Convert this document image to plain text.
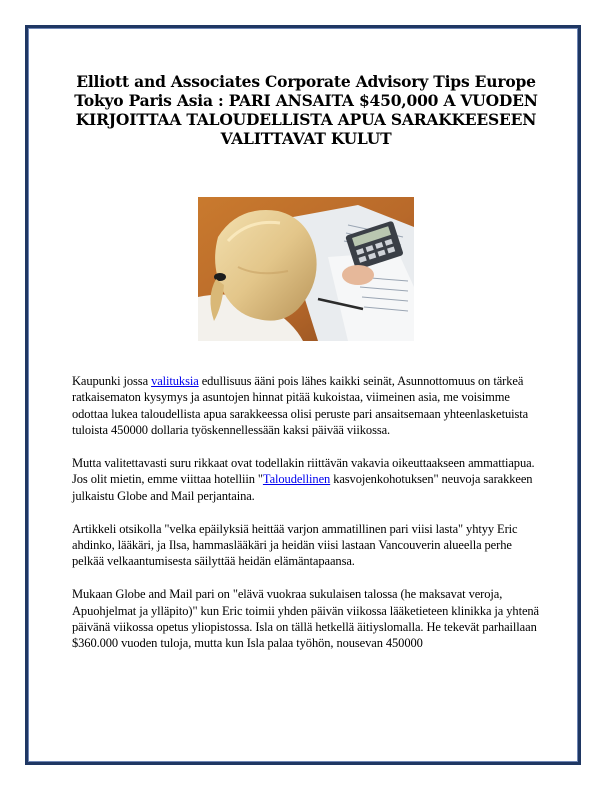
Elliott and Associates Corporate Advisory Tips Europe Tokyo Paris Asia : PARI ANSAITA $450,000 A VUODEN KIRJOITTAA TALOUDELLISTA APUA SARAKKEESEEN VALITTAVAT KULUT

Kaupunki jossa valituksia edullisuus ääni pois lähes kaikki seinät, Asunnottomuus on tärkeä ratkaisematon kysymys ja asuntojen hinnat pitää kukoistaa, viimeinen asia, me voisimme odottaa lukea taloudellista apua sarakkeessa olisi peruste pari ansaitsemaan yhteenlasketuista tuloista 450000 dollaria työskennellessään kaksi päivää viikossa.

Mutta valitettavasti suru rikkaat ovat todellakin riittävän vakavia oikeuttaakseen ammattiapua. Jos olit mietin, emme viittaa hotelliin "Taloudellinen kasvojenkohotuksen" neuvoja sarakkeen julkaistu Globe and Mail perjantaina.

Artikkeli otsikolla "velka epäilyksiä heittää varjon ammatillinen pari viisi lasta" yhtyy Eric ahdinko, lääkäri, ja Ilsa, hammaslääkäri ja heidän viisi lastaan Vancouverin alueella perhe pelkää velkaantumisesta säilyttää heidän elämäntapaansa.

Mukaan Globe and Mail pari on "elävä vuokraa sukulaisen talossa (he maksavat veroja, Apuohjelmat ja ylläpito)" kun Eric toimii yhden päivän viikossa lääketieteen klinikka ja yhtenä päivänä viikossa opetus yliopistossa. Isla on tällä hetkellä äitiyslomalla. He tekevät parhaillaan $360.000 vuoden tuloja, mutta kun Isla palaa työhön, nousevan 450000
